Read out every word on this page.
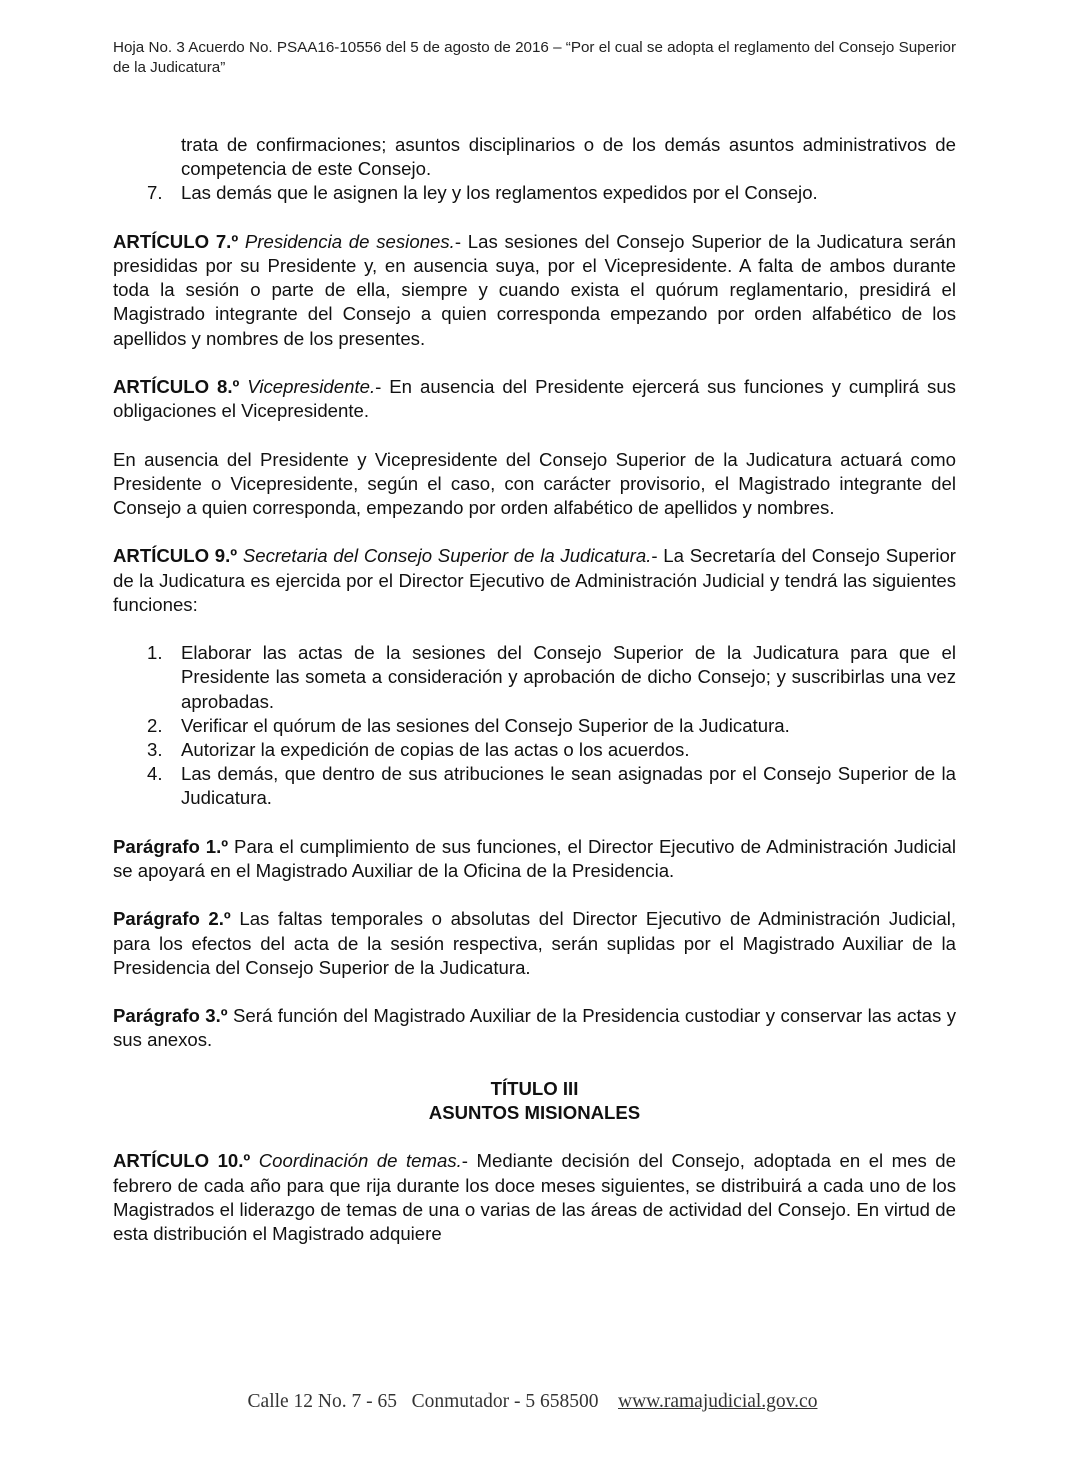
Hoja No. 3 Acuerdo No. PSAA16-10556 del 5 de agosto de 2016 – “Por el cual se adopta el reglamento del Consejo Superior de la Judicatura”

trata de confirmaciones; asuntos disciplinarios o de los demás asuntos administrativos de competencia de este Consejo.

7. Las demás que le asignen la ley y los reglamentos expedidos por el Consejo.

ARTÍCULO 7.º Presidencia de sesiones.- Las sesiones del Consejo Superior de la Judicatura serán presididas por su Presidente y, en ausencia suya, por el Vicepresidente. A falta de ambos durante toda la sesión o parte de ella, siempre y cuando exista el quórum reglamentario, presidirá el Magistrado integrante del Consejo a quien corresponda empezando por orden alfabético de los apellidos y nombres de los presentes.

ARTÍCULO 8.º Vicepresidente.- En ausencia del Presidente ejercerá sus funciones y cumplirá sus obligaciones el Vicepresidente.

En ausencia del Presidente y Vicepresidente del Consejo Superior de la Judicatura actuará como Presidente o Vicepresidente, según el caso, con carácter provisorio, el Magistrado integrante del Consejo a quien corresponda, empezando por orden alfabético de apellidos y nombres.

ARTÍCULO 9.º Secretaria del Consejo Superior de la Judicatura.- La Secretaría del Consejo Superior de la Judicatura es ejercida por el Director Ejecutivo de Administración Judicial y tendrá las siguientes funciones:

1. Elaborar las actas de la sesiones del Consejo Superior de la Judicatura para que el Presidente las someta a consideración y aprobación de dicho Consejo; y suscribirlas una vez aprobadas.
2. Verificar el quórum de las sesiones del Consejo Superior de la Judicatura.
3. Autorizar la expedición de copias de las actas o los acuerdos.
4. Las demás, que dentro de sus atribuciones le sean asignadas por el Consejo Superior de la Judicatura.

Parágrafo 1.º Para el cumplimiento de sus funciones, el Director Ejecutivo de Administración Judicial se apoyará en el Magistrado Auxiliar de la Oficina de la Presidencia.

Parágrafo 2.º Las faltas temporales o absolutas del Director Ejecutivo de Administración Judicial, para los efectos del acta de la sesión respectiva, serán suplidas por el Magistrado Auxiliar de la Presidencia del Consejo Superior de la Judicatura.

Parágrafo 3.º Será función del Magistrado Auxiliar de la Presidencia custodiar y conservar las actas y sus anexos.

TÍTULO III
ASUNTOS MISIONALES

ARTÍCULO 10.º Coordinación de temas.- Mediante decisión del Consejo, adoptada en el mes de febrero de cada año para que rija durante los doce meses siguientes, se distribuirá a cada uno de los Magistrados el liderazgo de temas de una o varias de las áreas de actividad del Consejo. En virtud de esta distribución el Magistrado adquiere

Calle 12 No. 7 - 65   Conmutador - 5 658500    www.ramajudicial.gov.co
